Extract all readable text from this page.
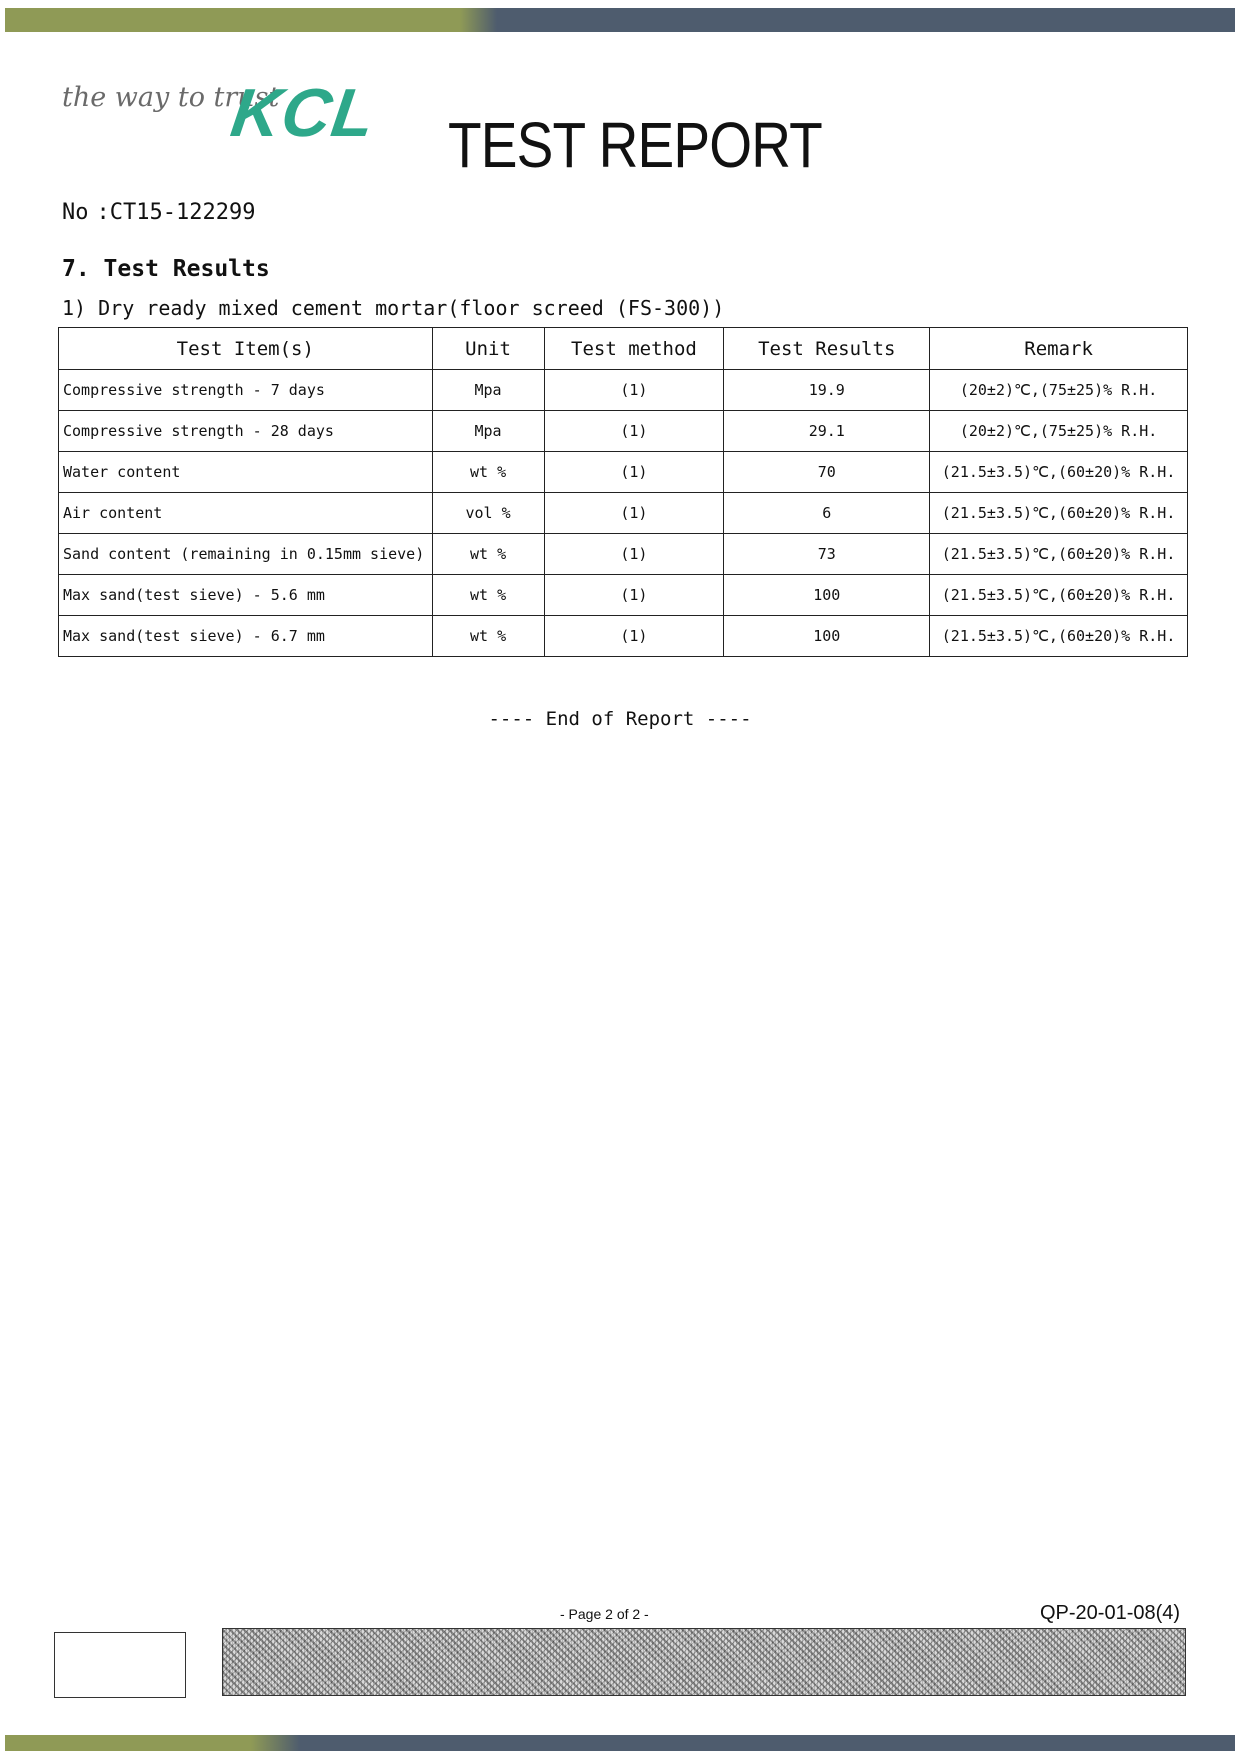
the way to trust
KCL TEST REPORT
No :CT15-122299
7. Test Results
1) Dry ready mixed cement mortar(floor screed (FS-300))
Test Item(s)	Unit	Test method	Test Results	Remark
Compressive strength - 7 days	Mpa	(1)	19.9	(20±2)℃,(75±25)% R.H.
Compressive strength - 28 days	Mpa	(1)	29.1	(20±2)℃,(75±25)% R.H.
Water content	wt %	(1)	70	(21.5±3.5)℃,(60±20)% R.H.
Air content	vol %	(1)	6	(21.5±3.5)℃,(60±20)% R.H.
Sand content (remaining in 0.15mm sieve)	wt %	(1)	73	(21.5±3.5)℃,(60±20)% R.H.
Max sand(test sieve) - 5.6 mm	wt %	(1)	100	(21.5±3.5)℃,(60±20)% R.H.
Max sand(test sieve) - 6.7 mm	wt %	(1)	100	(21.5±3.5)℃,(60±20)% R.H.
---- End of Report ----
- Page 2 of 2 -	QP-20-01-08(4)
